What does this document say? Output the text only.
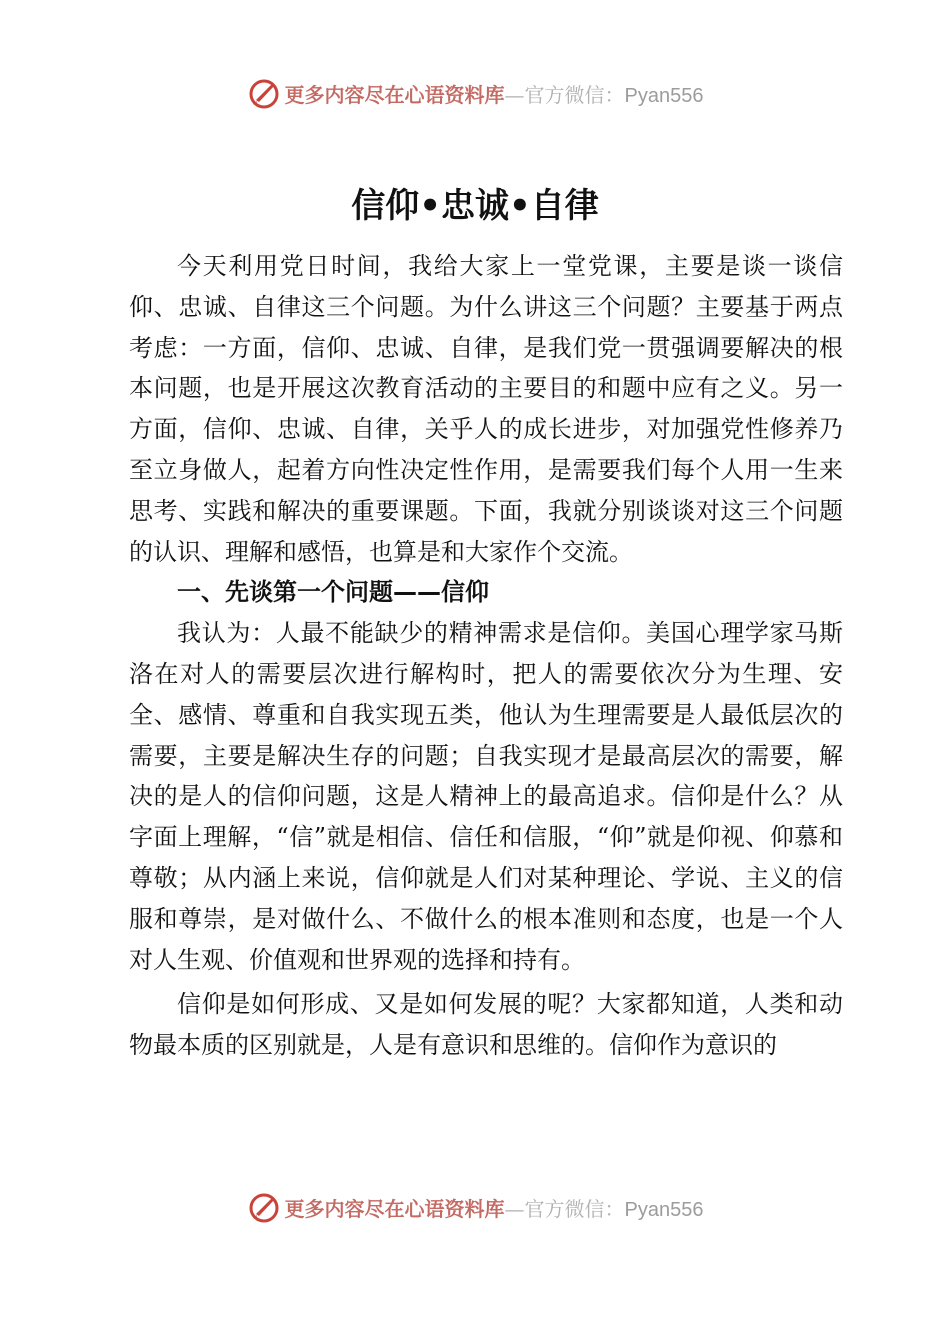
更多内容尽在心语资料库—官方微信：Pyan556
信仰•忠诚•自律

今天利用党日时间，我给大家上一堂党课，主要是谈一谈信仰、忠诚、自律这三个问题。为什么讲这三个问题？主要基于两点考虑：一方面，信仰、忠诚、自律，是我们党一贯强调要解决的根本问题，也是开展这次教育活动的主要目的和题中应有之义。另一方面，信仰、忠诚、自律，关乎人的成长进步，对加强党性修养乃至立身做人，起着方向性决定性作用，是需要我们每个人用一生来思考、实践和解决的重要课题。下面，我就分别谈谈对这三个问题的认识、理解和感悟，也算是和大家作个交流。

一、先谈第一个问题——信仰

我认为：人最不能缺少的精神需求是信仰。美国心理学家马斯洛在对人的需要层次进行解构时，把人的需要依次分为生理、安全、感情、尊重和自我实现五类，他认为生理需要是人最低层次的需要，主要是解决生存的问题；自我实现才是最高层次的需要，解决的是人的信仰问题，这是人精神上的最高追求。信仰是什么？从字面上理解，“信”就是相信、信任和信服，“仰”就是仰视、仰慕和尊敬；从内涵上来说，信仰就是人们对某种理论、学说、主义的信服和尊崇，是对做什么、不做什么的根本准则和态度，也是一个人对人生观、价值观和世界观的选择和持有。

信仰是如何形成、又是如何发展的呢？大家都知道，人类和动物最本质的区别就是，人是有意识和思维的。信仰作为意识的

更多内容尽在心语资料库—官方微信：Pyan556
